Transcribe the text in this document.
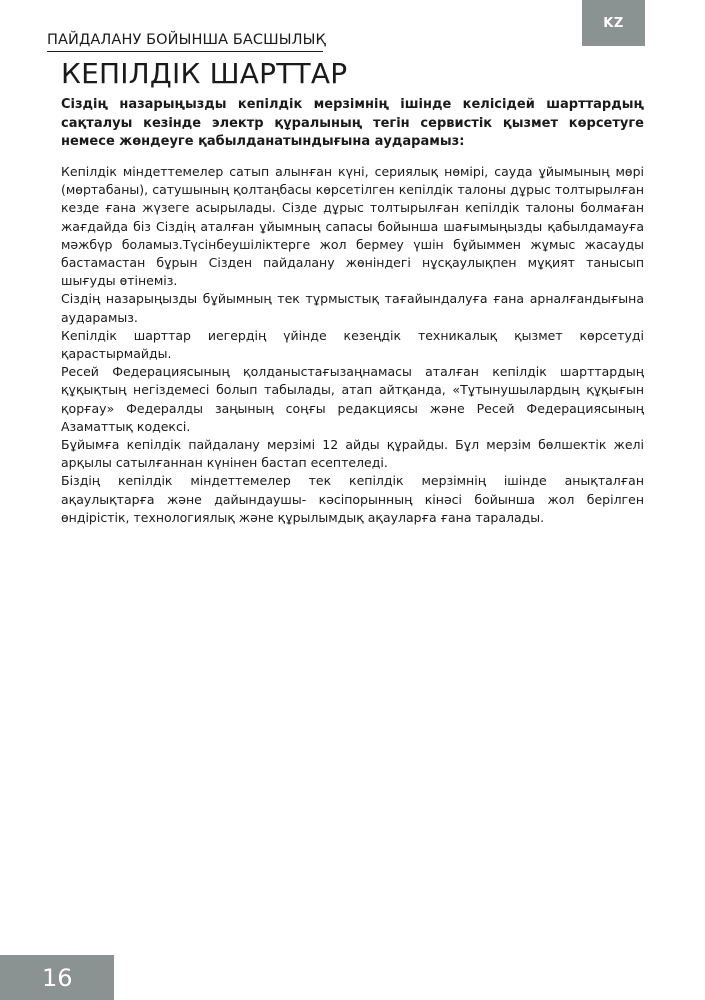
KZ
ПАЙДАЛАНУ БОЙЫНША БАСШЫЛЫҚ
КЕПІЛДІК ШАРТТАР

Сіздің назарыңызды кепілдік мерзімнің ішінде келісідей шарттардың сақталуы кезінде электр құралының тегін сервистік қызмет көрсетуге немесе жөндеуге қабылданатындығына аударамыз:

Кепілдік міндеттемелер сатып алынған күні, сериялық нөмірі, сауда ұйымының мөрі (мөртабаны), сатушының қолтаңбасы көрсетілген кепілдік талоны дұрыс толтырылған кезде ғана жүзеге асырылады. Сізде дұрыс толтырылған кепілдік талоны болмаған жағдайда біз Сіздің аталған ұйымның сапасы бойынша шағымыңызды қабылдамауға мәжбүр боламыз.Түсінбеушіліктерге жол бермеу үшін бұйыммен жұмыс жасауды бастамастан бұрын Сізден пайдалану жөніндегі нұсқаулықпен мұқият танысып шығуды өтінеміз.

Сіздің назарыңызды бұйымның тек тұрмыстық тағайындалуға ғана арналғандығына аударамыз.

Кепілдік шарттар иегердің үйінде кезеңдік техникалық қызмет көрсетуді қарастырмайды.

Ресей Федерациясының қолданыстағызаңнамасы аталған кепілдік шарттардың құқықтың негіздемесі болып табылады, атап айтқанда, «Тұтынушылардың құқығын қорғау» Федералды заңының соңғы редакциясы және Ресей Федерациясының Азаматтық кодексі.

Бұйымға кепілдік пайдалану мерзімі 12 айды құрайды. Бұл мерзім бөлшектік желі арқылы сатылғаннан күнінен бастап есептеледі.

Біздің кепілдік міндеттемелер тек кепілдік мерзімнің ішінде анықталған ақаулықтарға және дайындаушы- кәсіпорынның кінәсі бойынша жол берілген өндірістік, технологиялық және құрылымдық ақауларға ғана таралады.

16
